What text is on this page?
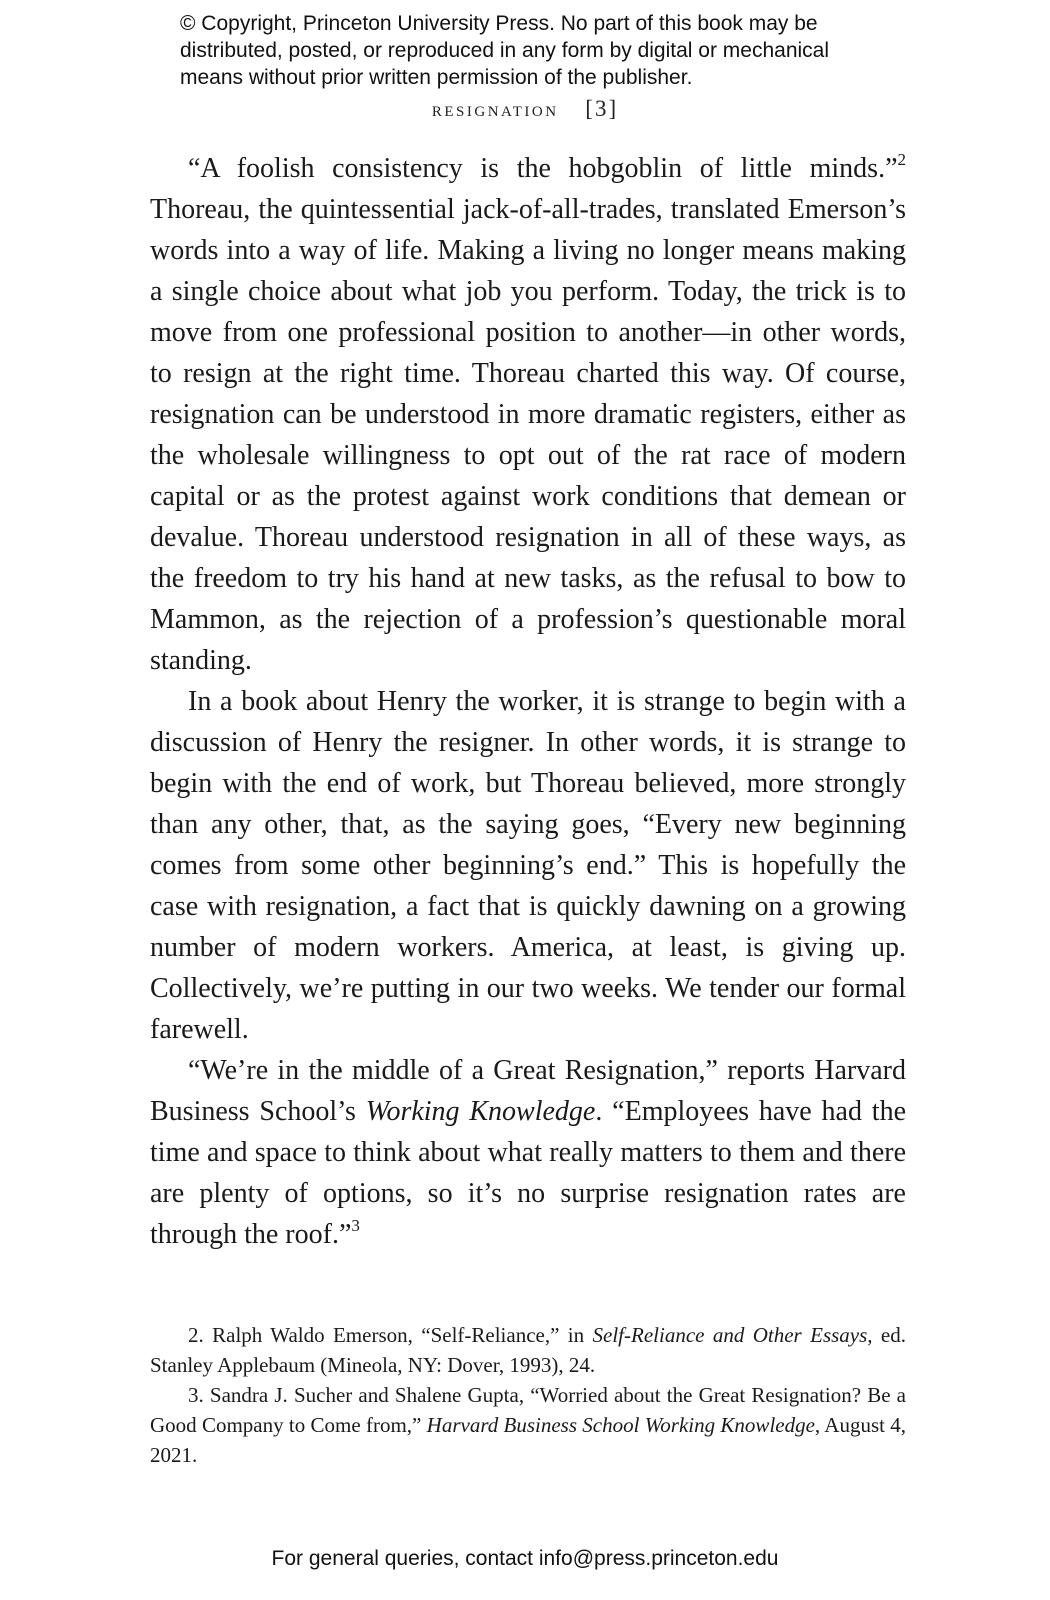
© Copyright, Princeton University Press. No part of this book may be
distributed, posted, or reproduced in any form by digital or mechanical
means without prior written permission of the publisher.
resignation [3]

“A foolish consistency is the hobgoblin of little minds.”$^2$ Thoreau, the quintessential jack-of-all-trades, translated Emerson’s words into a way of life. Making a living no longer means making a single choice about what job you perform. Today, the trick is to move from one professional position to another—in other words, to resign at the right time. Thoreau charted this way. Of course, resignation can be understood in more dramatic registers, either as the wholesale willingness to opt out of the rat race of modern capital or as the protest against work conditions that demean or devalue. Thoreau understood resignation in all of these ways, as the freedom to try his hand at new tasks, as the refusal to bow to Mammon, as the rejection of a profession’s questionable moral standing.

In a book about Henry the worker, it is strange to begin with a discussion of Henry the resigner. In other words, it is strange to begin with the end of work, but Thoreau believed, more strongly than any other, that, as the saying goes, “Every new beginning comes from some other beginning’s end.” This is hopefully the case with resignation, a fact that is quickly dawning on a growing number of modern workers. America, at least, is giving up. Collectively, we’re putting in our two weeks. We tender our formal farewell.

“We’re in the middle of a Great Resignation,” reports Harvard Business School’s Working Knowledge. “Employees have had the time and space to think about what really matters to them and there are plenty of options, so it’s no surprise resignation rates are through the roof.”$^3$

2. Ralph Waldo Emerson, “Self-Reliance,” in Self-Reliance and Other Essays, ed. Stanley Applebaum (Mineola, NY: Dover, 1993), 24.

3. Sandra J. Sucher and Shalene Gupta, “Worried about the Great Resignation? Be a Good Company to Come from,” Harvard Business School Working Knowledge, August 4, 2021.

For general queries, contact info@press.princeton.edu
